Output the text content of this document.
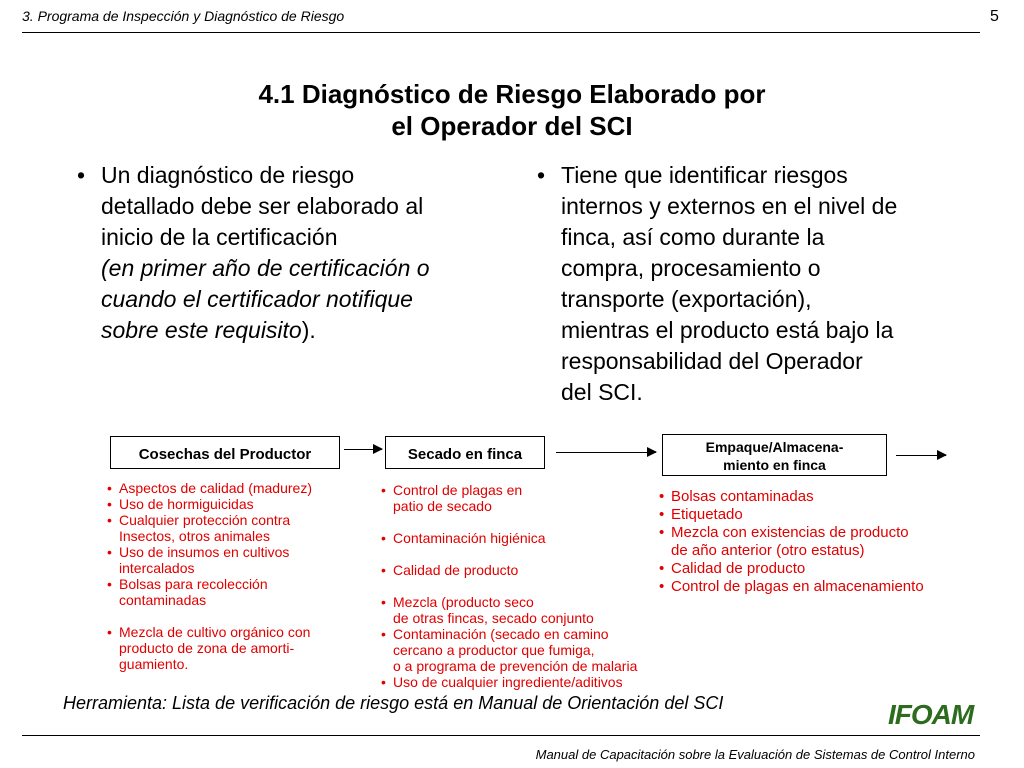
3. Programa de Inspección y Diagnóstico de Riesgo	5
4.1 Diagnóstico de Riesgo Elaborado por
el Operador del SCI
• Un diagnóstico de riesgo
detallado debe ser elaborado al
inicio de la certificación
(en primer año de certificación o
cuando el certificador notifique
sobre este requisito).
• Tiene que identificar riesgos
internos y externos en el nivel de
finca, así como durante la
compra, procesamiento o
transporte (exportación),
mientras el producto está bajo la
responsabilidad del Operador
del SCI.
Cosechas del Productor	Secado en finca	Empaque/Almacena-
miento en finca
• Aspectos de calidad (madurez)
• Uso de hormiguicidas
• Cualquier protección contra
Insectos, otros animales
• Uso de insumos en cultivos
intercalados
• Bolsas para recolección
contaminadas

• Mezcla de cultivo orgánico con
producto de zona de amorti-
guamiento.
• Control de plagas en
patio de secado

• Contaminación higiénica

• Calidad de producto

• Mezcla (producto seco
de otras fincas, secado conjunto
• Contaminación (secado en camino
cercano a productor que fumiga,
o a programa de prevención de malaria
• Uso de cualquier ingrediente/aditivos
• Bolsas contaminadas
• Etiquetado
• Mezcla con existencias de producto
de año anterior (otro estatus)
• Calidad de producto
• Control de plagas en almacenamiento
Herramienta: Lista de verificación de riesgo está en Manual de Orientación del SCI	IFOAM
Manual de Capacitación sobre la Evaluación de Sistemas de Control Interno
